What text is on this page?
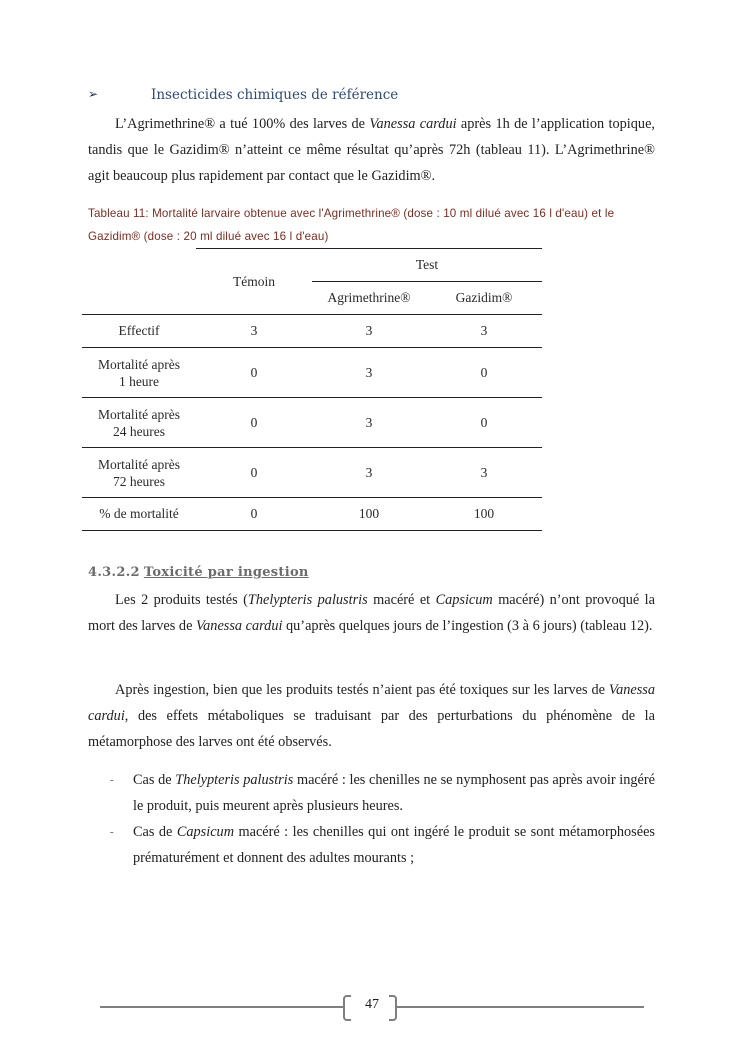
➢	Insecticides chimiques de référence
L’Agrimethrine® a tué 100% des larves de Vanessa cardui après 1h de l’application topique, tandis que le Gazidim® n’atteint ce même résultat qu’après 72h (tableau 11). L’Agrimethrine® agit beaucoup plus rapidement par contact que le Gazidim®.
Tableau 11: Mortalité larvaire obtenue avec l'Agrimethrine® (dose : 10 ml dilué avec 16 l d'eau) et le Gazidim® (dose : 20 ml dilué avec 16 l d'eau)
	Témoin	Test	
		Agrimethrine®	Gazidim®
Effectif	3	3	3
Mortalité après
1 heure	0	3	0
Mortalité après
24 heures	0	3	0
Mortalité après
72 heures	0	3	3
% de mortalité	0	100	100
4.3.2.2 Toxicité par ingestion
Les 2 produits testés (Thelypteris palustris macéré et Capsicum macéré) n’ont provoqué la mort des larves de Vanessa cardui qu’après quelques jours de l’ingestion (3 à 6 jours) (tableau 12).
Après ingestion, bien que les produits testés n’aient pas été toxiques sur les larves de Vanessa cardui, des effets métaboliques se traduisant par des perturbations du phénomène de la métamorphose des larves ont été observés.
- Cas de Thelypteris palustris macéré : les chenilles ne se nymphosent pas après avoir ingéré le produit, puis meurent après plusieurs heures.
- Cas de Capsicum macéré : les chenilles qui ont ingéré le produit se sont métamorphosées prématurément et donnent des adultes mourants ;
47
